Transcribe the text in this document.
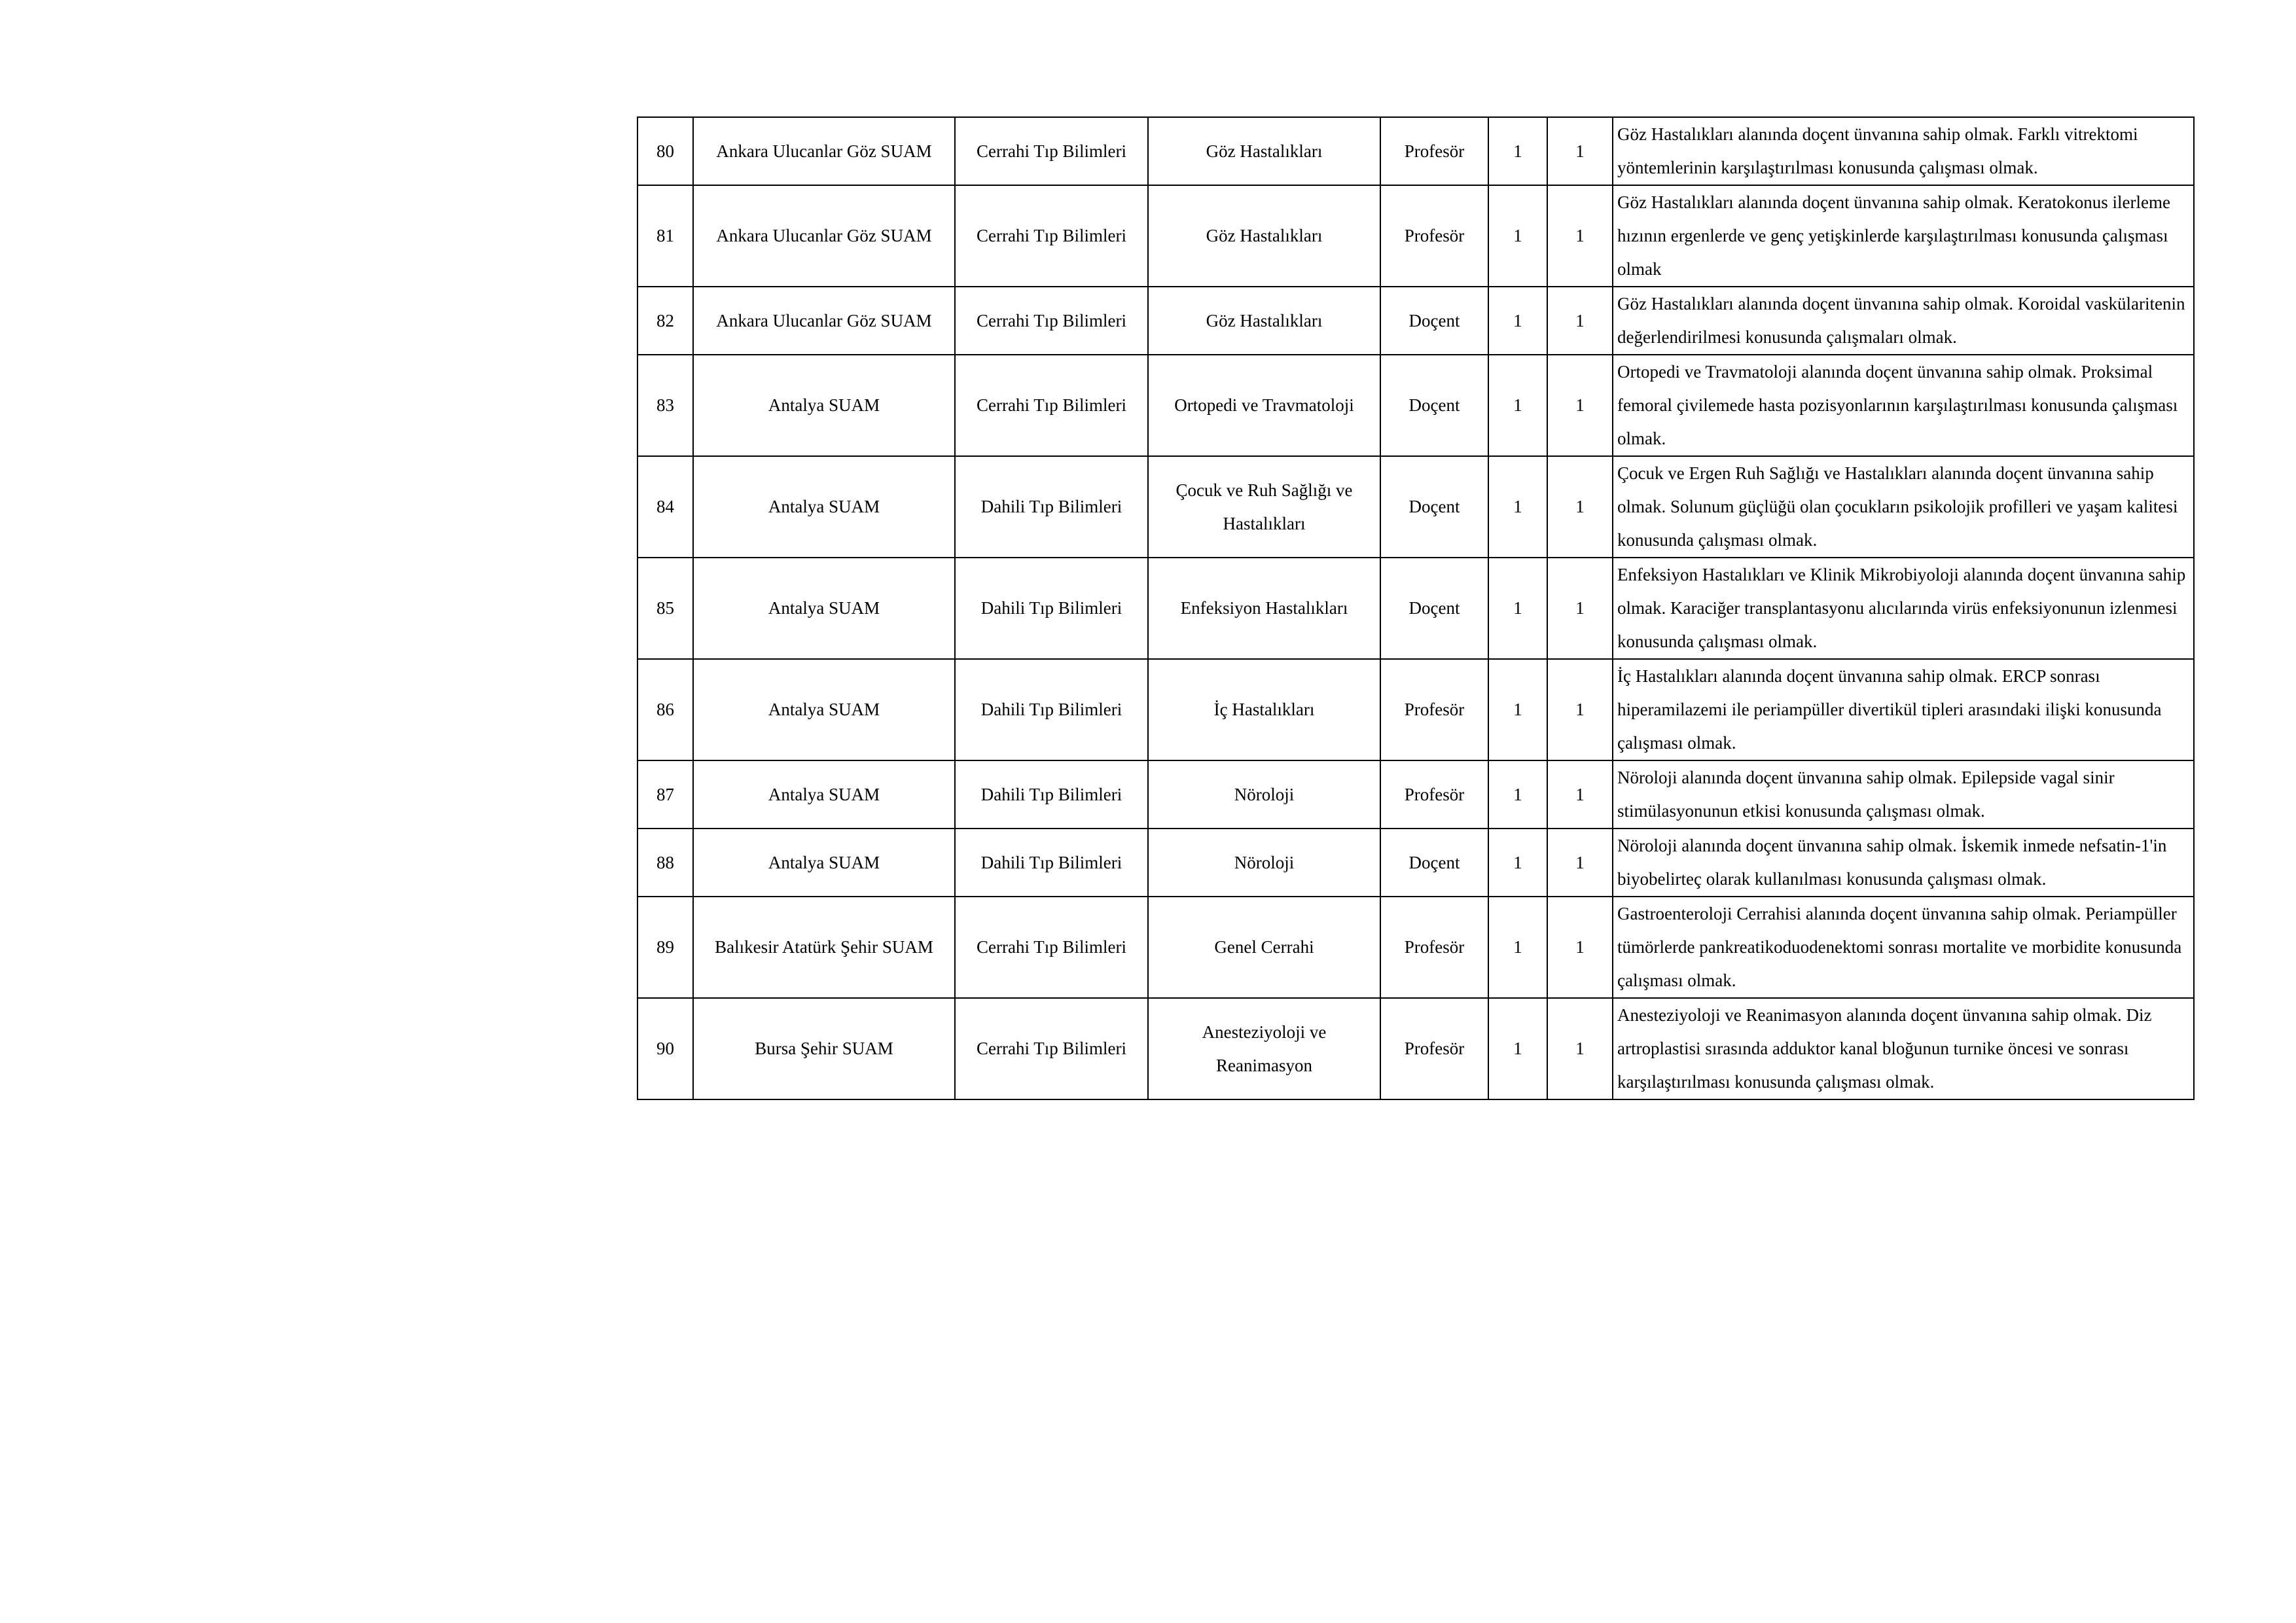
80	Ankara Ulucanlar Göz SUAM	Cerrahi Tıp Bilimleri	Göz Hastalıkları	Profesör	1	1	Göz Hastalıkları alanında doçent ünvanına sahip olmak. Farklı vitrektomi yöntemlerinin karşılaştırılması konusunda çalışması olmak.
81	Ankara Ulucanlar Göz SUAM	Cerrahi Tıp Bilimleri	Göz Hastalıkları	Profesör	1	1	Göz Hastalıkları alanında doçent ünvanına sahip olmak. Keratokonus ilerleme hızının ergenlerde ve genç yetişkinlerde karşılaştırılması konusunda çalışması olmak
82	Ankara Ulucanlar Göz SUAM	Cerrahi Tıp Bilimleri	Göz Hastalıkları	Doçent	1	1	Göz Hastalıkları alanında doçent ünvanına sahip olmak. Koroidal vaskülaritenin değerlendirilmesi konusunda çalışmaları olmak.
83	Antalya SUAM	Cerrahi Tıp Bilimleri	Ortopedi ve Travmatoloji	Doçent	1	1	Ortopedi ve Travmatoloji alanında doçent ünvanına sahip olmak. Proksimal femoral çivilemede hasta pozisyonlarının karşılaştırılması konusunda çalışması olmak.
84	Antalya SUAM	Dahili Tıp Bilimleri	Çocuk ve Ruh Sağlığı ve Hastalıkları	Doçent	1	1	Çocuk ve Ergen Ruh Sağlığı ve Hastalıkları alanında doçent ünvanına sahip olmak. Solunum güçlüğü olan çocukların psikolojik profilleri ve yaşam kalitesi konusunda çalışması olmak.
85	Antalya SUAM	Dahili Tıp Bilimleri	Enfeksiyon Hastalıkları	Doçent	1	1	Enfeksiyon Hastalıkları ve Klinik Mikrobiyoloji alanında doçent ünvanına sahip olmak. Karaciğer transplantasyonu alıcılarında virüs enfeksiyonunun izlenmesi konusunda çalışması olmak.
86	Antalya SUAM	Dahili Tıp Bilimleri	İç Hastalıkları	Profesör	1	1	İç Hastalıkları alanında doçent ünvanına sahip olmak. ERCP sonrası hiperamilazemi ile periampüller divertikül tipleri arasındaki ilişki konusunda çalışması olmak.
87	Antalya SUAM	Dahili Tıp Bilimleri	Nöroloji	Profesör	1	1	Nöroloji alanında doçent ünvanına sahip olmak. Epilepside vagal sinir stimülasyonunun etkisi konusunda çalışması olmak.
88	Antalya SUAM	Dahili Tıp Bilimleri	Nöroloji	Doçent	1	1	Nöroloji alanında doçent ünvanına sahip olmak. İskemik inmede nefsatin-1'in biyobelirteç olarak kullanılması konusunda çalışması olmak.
89	Balıkesir Atatürk Şehir SUAM	Cerrahi Tıp Bilimleri	Genel Cerrahi	Profesör	1	1	Gastroenteroloji Cerrahisi alanında doçent ünvanına sahip olmak. Periampüller tümörlerde pankreatikoduodenektomi sonrası mortalite ve morbidite konusunda çalışması olmak.
90	Bursa Şehir SUAM	Cerrahi Tıp Bilimleri	Anesteziyoloji ve Reanimasyon	Profesör	1	1	Anesteziyoloji ve Reanimasyon alanında doçent ünvanına sahip olmak. Diz artroplastisi sırasında adduktor kanal bloğunun turnike öncesi ve sonrası karşılaştırılması konusunda çalışması olmak.
